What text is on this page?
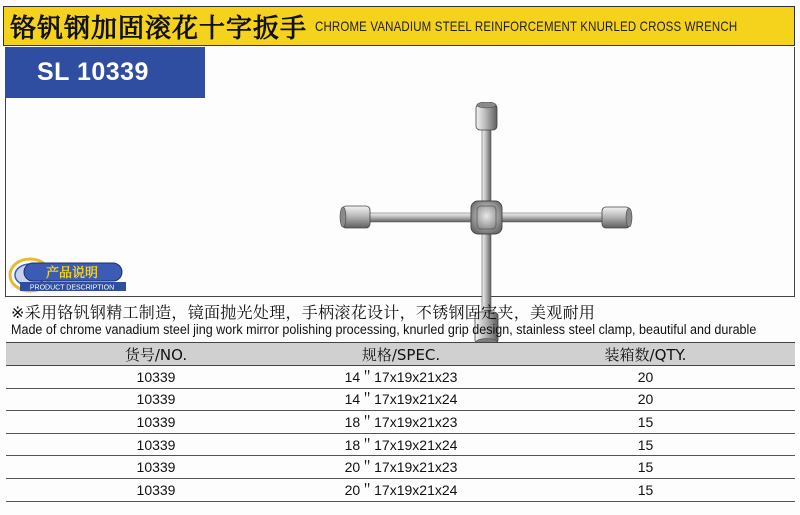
铬钒钢加固滚花十字扳手 CHROME VANADIUM STEEL REINFORCEMENT KNURLED CROSS WRENCH
SL 10339
产品说明
PRODUCT DESCRIPTION
※采用铬钒钢精工制造，镜面抛光处理，手柄滚花设计，不锈钢固定夹，美观耐用
Made of chrome vanadium steel jing work mirror polishing processing, knurled grip design, stainless steel clamp, beautiful and durable
货号/NO.	规格/SPEC.	装箱数/QTY.
10339	14＂17x19x21x23	20
10339	14＂17x19x21x24	20
10339	18＂17x19x21x23	15
10339	18＂17x19x21x24	15
10339	20＂17x19x21x23	15
10339	20＂17x19x21x24	15
